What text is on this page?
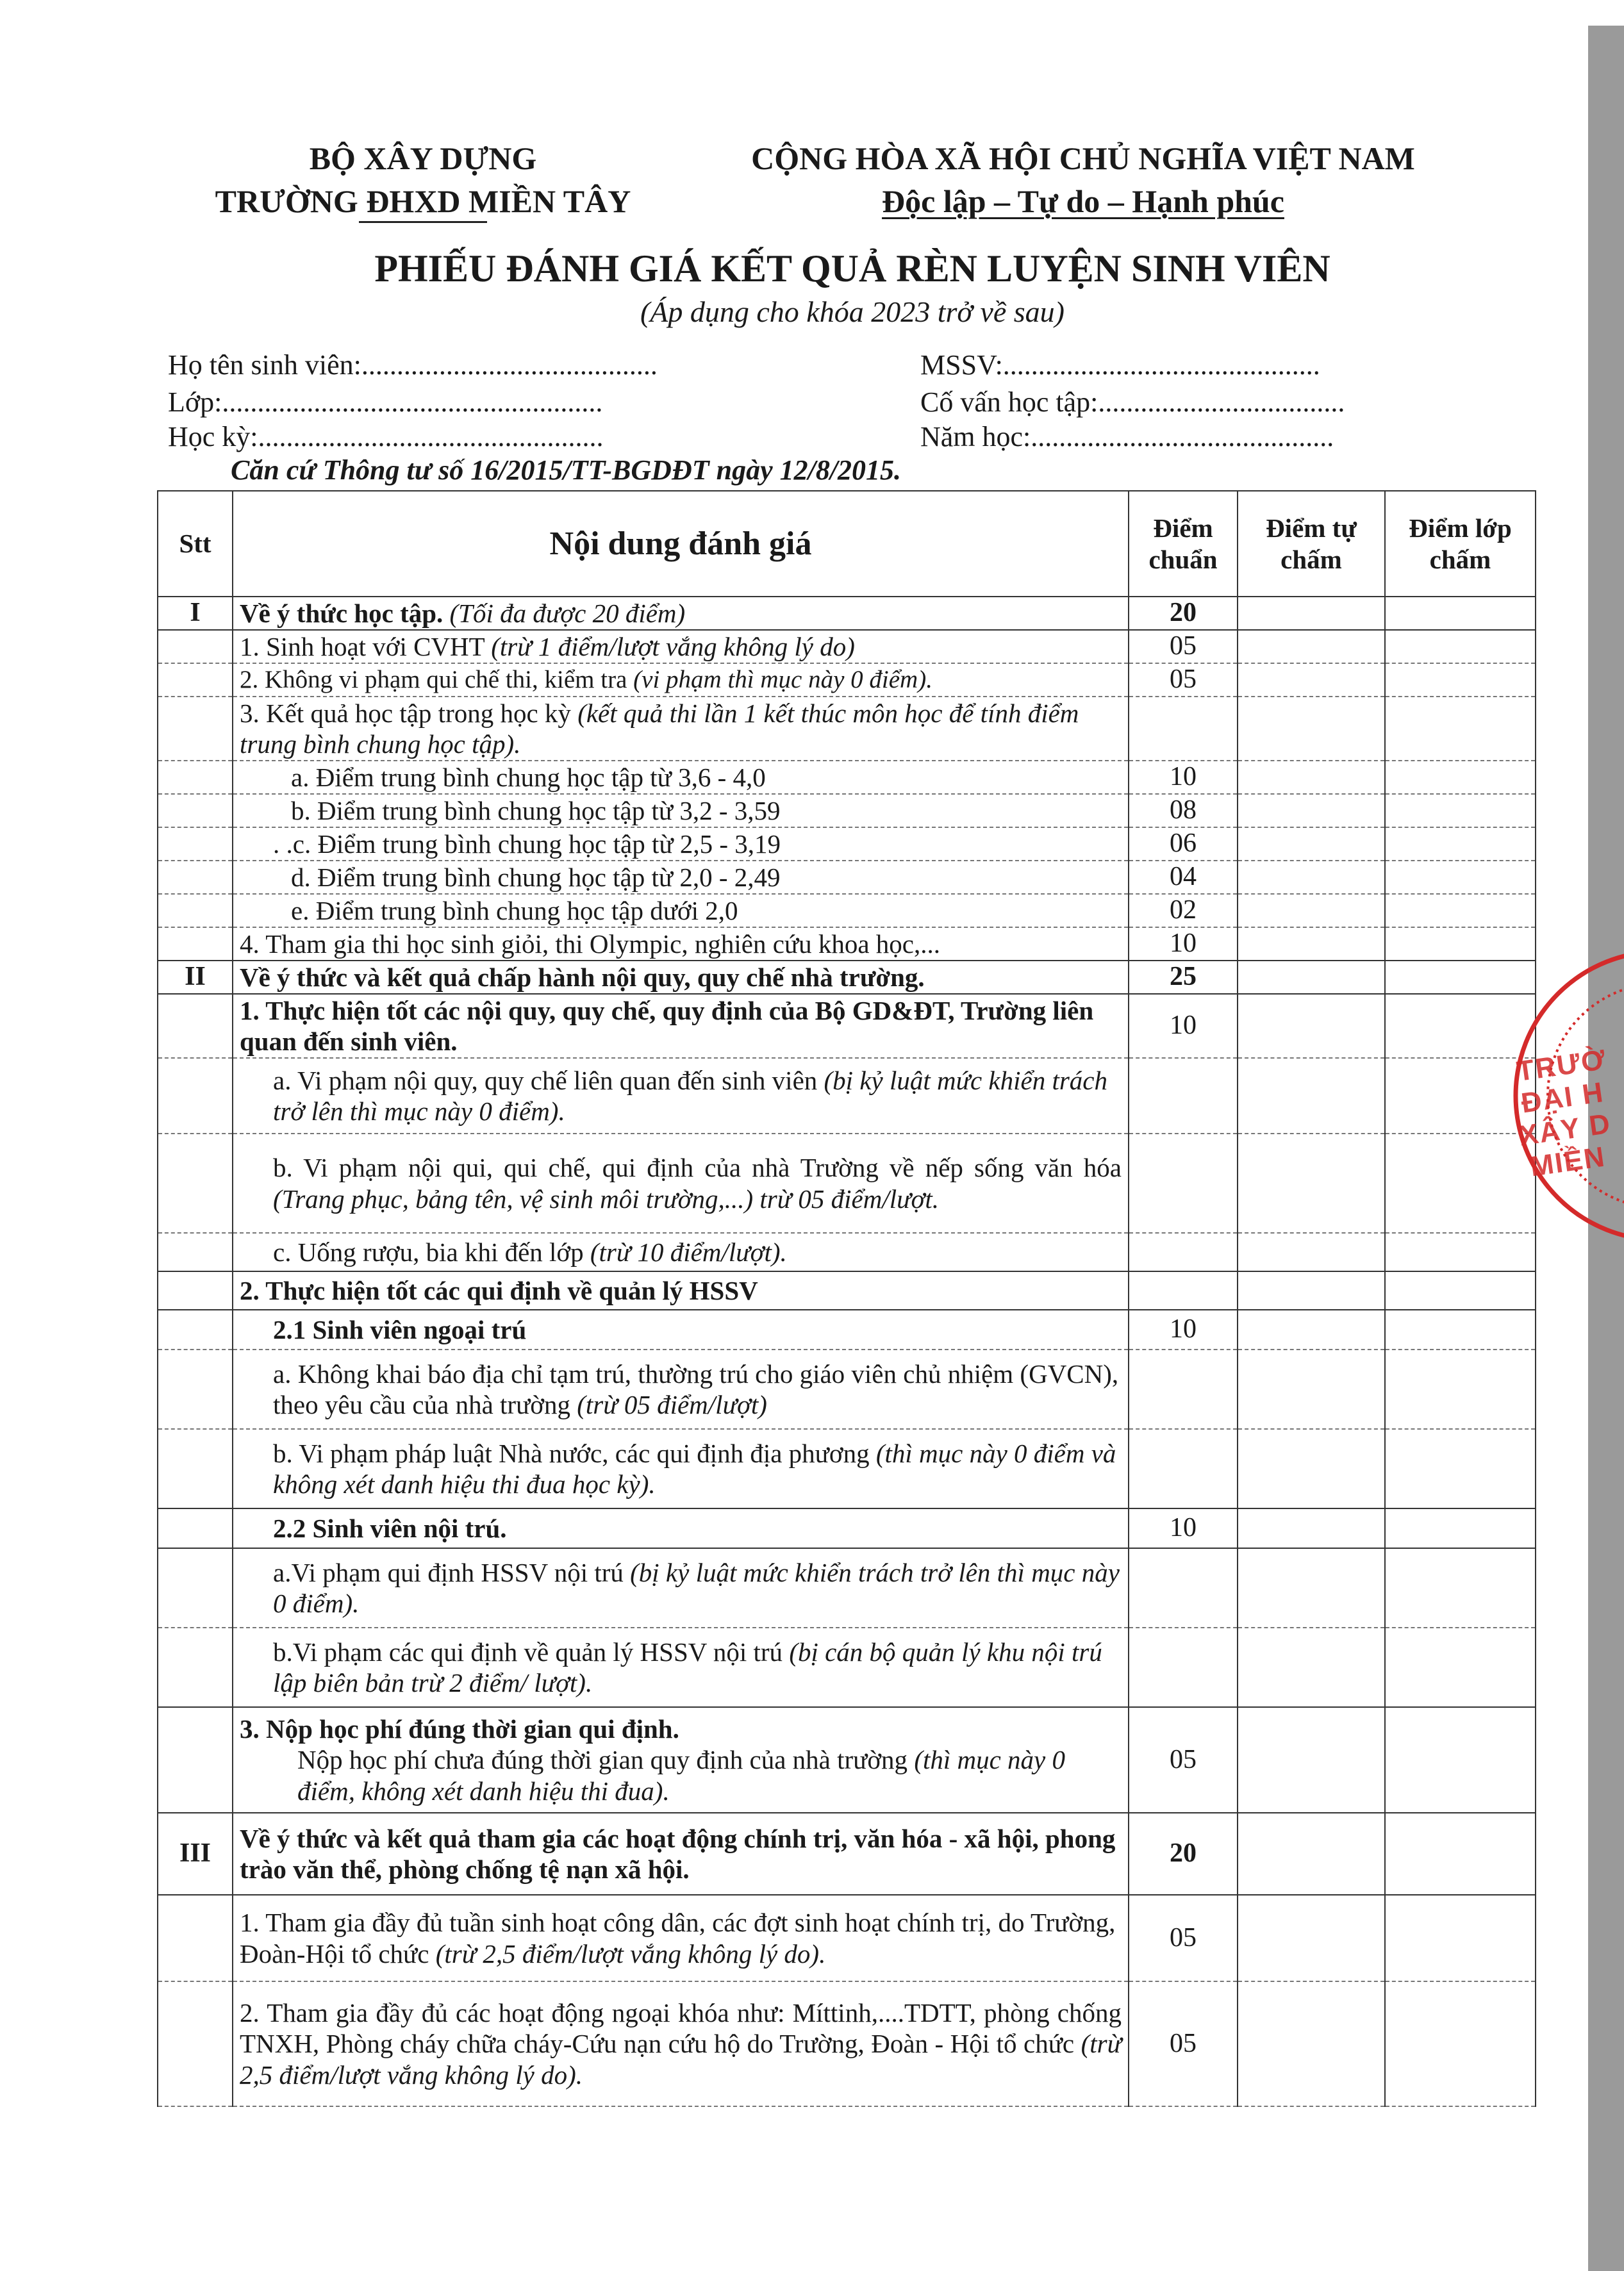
BỘ XÂY DỰNG
TRƯỜNG ĐHXD MIỀN TÂY
CỘNG HÒA XÃ HỘI CHỦ NGHĨA VIỆT NAM
Độc lập – Tự do – Hạnh phúc
PHIẾU ĐÁNH GIÁ KẾT QUẢ RÈN LUYỆN SINH VIÊN
(Áp dụng cho khóa 2023 trở về sau)
Họ tên sinh viên:..........................................	MSSV:.............................................
Lớp:......................................................	Cố vấn học tập:...................................
Học kỳ:.................................................	Năm học:...........................................
Căn cứ Thông tư số 16/2015/TT-BGDĐT ngày 12/8/2015.
Stt	Nội dung đánh giá	Điểm chuẩn	Điểm tự chấm	Điểm lớp chấm
I	Về ý thức học tập. (Tối đa được 20 điểm)	20		
	1. Sinh hoạt với CVHT (trừ 1 điểm/lượt vắng không lý do)	05		
	2. Không vi phạm qui chế thi, kiểm tra (vi phạm thì mục này 0 điểm).	05		
	3. Kết quả học tập trong học kỳ (kết quả thi lần 1 kết thúc môn học để tính điểm trung bình chung học tập).			
	a. Điểm trung bình chung học tập từ 3,6 - 4,0	10		
	b. Điểm trung bình chung học tập từ 3,2 - 3,59	08		
	. .c. Điểm trung bình chung học tập từ 2,5 - 3,19	06		
	d. Điểm trung bình chung học tập từ 2,0 - 2,49	04		
	e. Điểm trung bình chung học tập dưới 2,0	02		
	4. Tham gia thi học sinh giỏi, thi Olympic, nghiên cứu khoa học,...	10		
II	Về ý thức và kết quả chấp hành nội quy, quy chế nhà trường.	25		
	1. Thực hiện tốt các nội quy, quy chế, quy định của Bộ GD&ĐT, Trường liên quan đến sinh viên.	10		
	a. Vi phạm nội quy, quy chế liên quan đến sinh viên (bị kỷ luật mức khiển trách trở lên thì mục này 0 điểm).			
	b. Vi phạm nội qui, qui chế, qui định của nhà Trường về nếp sống văn hóa (Trang phục, bảng tên, vệ sinh môi trường,...) trừ 05 điểm/lượt.			
	c. Uống rượu, bia khi đến lớp (trừ 10 điểm/lượt).			
	2. Thực hiện tốt các qui định về quản lý HSSV			
	2.1 Sinh viên ngoại trú	10		
	a. Không khai báo địa chỉ tạm trú, thường trú cho giáo viên chủ nhiệm (GVCN), theo yêu cầu của nhà trường (trừ 05 điểm/lượt)			
	b. Vi phạm pháp luật Nhà nước, các qui định địa phương (thì mục này 0 điểm và không xét danh hiệu thi đua học kỳ).			
	2.2 Sinh viên nội trú.	10		
	a.Vi phạm qui định HSSV nội trú (bị kỷ luật mức khiển trách trở lên thì mục này 0 điểm).			
	b.Vi phạm các qui định về quản lý HSSV nội trú (bị cán bộ quản lý khu nội trú lập biên bản trừ 2 điểm/ lượt).			

	3. Nộp học phí đúng thời gian qui định.
Nộp học phí chưa đúng thời gian quy định của nhà trường (thì mục này 0 điểm, không xét danh hiệu thi đua).	05		
III	Về ý thức và kết quả tham gia các hoạt động chính trị, văn hóa - xã hội, phong trào văn thể, phòng chống tệ nạn xã hội.	20		
	1. Tham gia đầy đủ tuần sinh hoạt công dân, các đợt sinh hoạt chính trị, do Trường, Đoàn-Hội tổ chức (trừ 2,5 điểm/lượt vắng không lý do).	05		
	2. Tham gia đầy đủ các hoạt động ngoại khóa như: Míttinh,....TDTT, phòng chống TNXH, Phòng cháy chữa cháy-Cứu nạn cứu hộ do Trường, Đoàn - Hội tổ chức (trừ 2,5 điểm/lượt vắng không lý do).	05		
TRƯỜ ĐẠI H XÂY D MIỀN
